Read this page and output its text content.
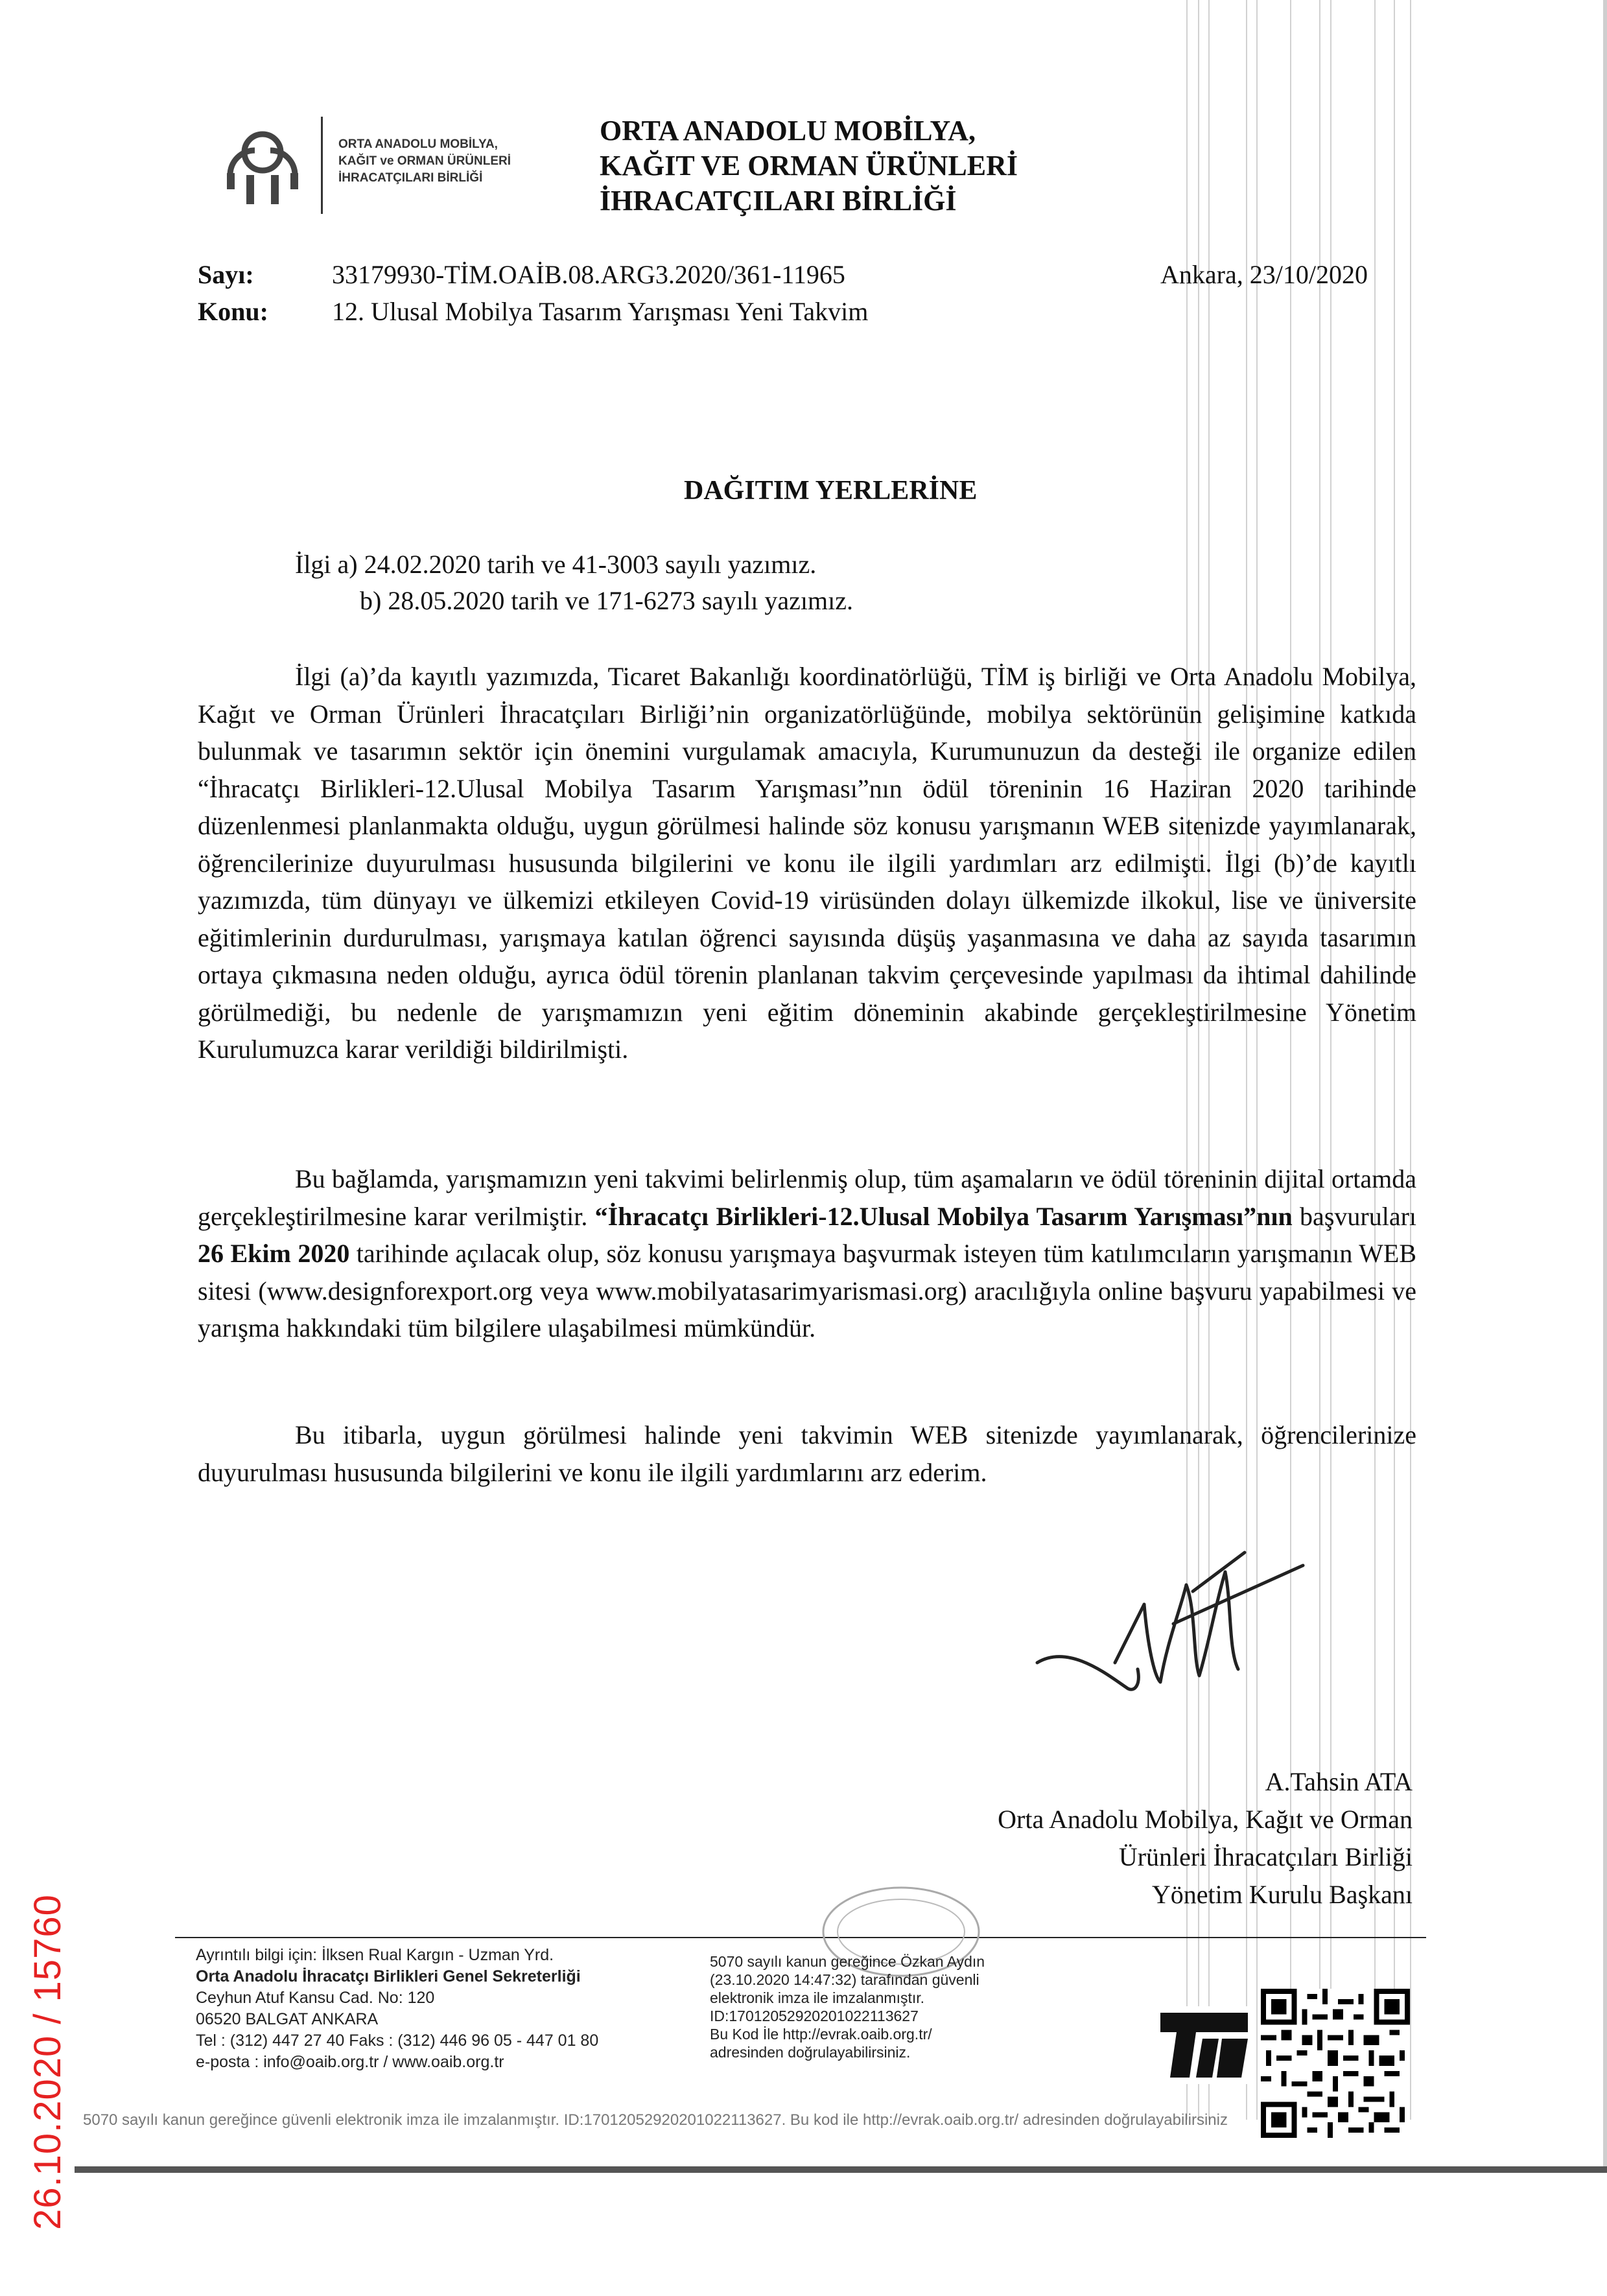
ORTA ANADOLU MOBİLYA,
KAĞIT ve ORMAN ÜRÜNLERİ
İHRACATÇILARI BİRLİĞİ
ORTA ANADOLU MOBİLYA,
KAĞIT VE ORMAN ÜRÜNLERİ
İHRACATÇILARI BİRLİĞİ
Sayı:	33179930-TİM.OAİB.08.ARG3.2020/361-11965	Ankara, 23/10/2020
Konu: 12. Ulusal Mobilya Tasarım Yarışması Yeni Takvim
DAĞITIM YERLERİNE
İlgi a) 24.02.2020 tarih ve 41-3003 sayılı yazımız.
b) 28.05.2020 tarih ve 171-6273 sayılı yazımız.

İlgi (a)’da kayıtlı yazımızda, Ticaret Bakanlığı koordinatörlüğü, TİM iş birliği ve Orta Anadolu Mobilya, Kağıt ve Orman Ürünleri İhracatçıları Birliği’nin organizatörlüğünde, mobilya sektörünün gelişimine katkıda bulunmak ve tasarımın sektör için önemini vurgulamak amacıyla, Kurumunuzun da desteği ile organize edilen “İhracatçı Birlikleri-12.Ulusal Mobilya Tasarım Yarışması”nın ödül töreninin 16 Haziran 2020 tarihinde düzenlenmesi planlanmakta olduğu, uygun görülmesi halinde söz konusu yarışmanın WEB sitenizde yayımlanarak, öğrencilerinize duyurulması hususunda bilgilerini ve konu ile ilgili yardımları arz edilmişti. İlgi (b)’de kayıtlı yazımızda, tüm dünyayı ve ülkemizi etkileyen Covid-19 virüsünden dolayı ülkemizde ilkokul, lise ve üniversite eğitimlerinin durdurulması, yarışmaya katılan öğrenci sayısında düşüş yaşanmasına ve daha az sayıda tasarımın ortaya çıkmasına neden olduğu, ayrıca ödül törenin planlanan takvim çerçevesinde yapılması da ihtimal dahilinde görülmediği, bu nedenle de yarışmamızın yeni eğitim döneminin akabinde gerçekleştirilmesine Yönetim Kurulumuzca karar verildiği bildirilmişti.

Bu bağlamda, yarışmamızın yeni takvimi belirlenmiş olup, tüm aşamaların ve ödül töreninin dijital ortamda gerçekleştirilmesine karar verilmiştir. “İhracatçı Birlikleri-12.Ulusal Mobilya Tasarım Yarışması”nın başvuruları 26 Ekim 2020 tarihinde açılacak olup, söz konusu yarışmaya başvurmak isteyen tüm katılımcıların yarışmanın WEB sitesi (www.designforexport.org veya www.mobilyatasarimyarismasi.org) aracılığıyla online başvuru yapabilmesi ve yarışma hakkındaki tüm bilgilere ulaşabilmesi mümkündür.

Bu itibarla, uygun görülmesi halinde yeni takvimin WEB sitenizde yayımlanarak, öğrencilerinize duyurulması hususunda bilgilerini ve konu ile ilgili yardımlarını arz ederim.

A.Tahsin ATA
Orta Anadolu Mobilya, Kağıt ve Orman
Ürünleri İhracatçıları Birliği
Yönetim Kurulu Başkanı
Ayrıntılı bilgi için: İlksen Rual Kargın - Uzman Yrd.
Orta Anadolu İhracatçı Birlikleri Genel Sekreterliği
Ceyhun Atuf Kansu Cad. No: 120
06520 BALGAT ANKARA
Tel : (312) 447 27 40 Faks : (312) 446 96 05 - 447 01 80
e-posta : info@oaib.org.tr / www.oaib.org.tr
5070 sayılı kanun gereğince Özkan Aydın
(23.10.2020 14:47:32) tarafından güvenli
elektronik imza ile imzalanmıştır.
ID:1701205292020102211362​7
Bu Kod İle http://evrak.oaib.org.tr/
adresinden doğrulayabilirsiniz.
5070 sayılı kanun gereğince güvenli elektronik imza ile imzalanmıştır. ID:1701205292020102211362​7. Bu kod ile http://evrak.oaib.org.tr/ adresinden doğrulayabilirsiniz
26.10.2020 / 15760
